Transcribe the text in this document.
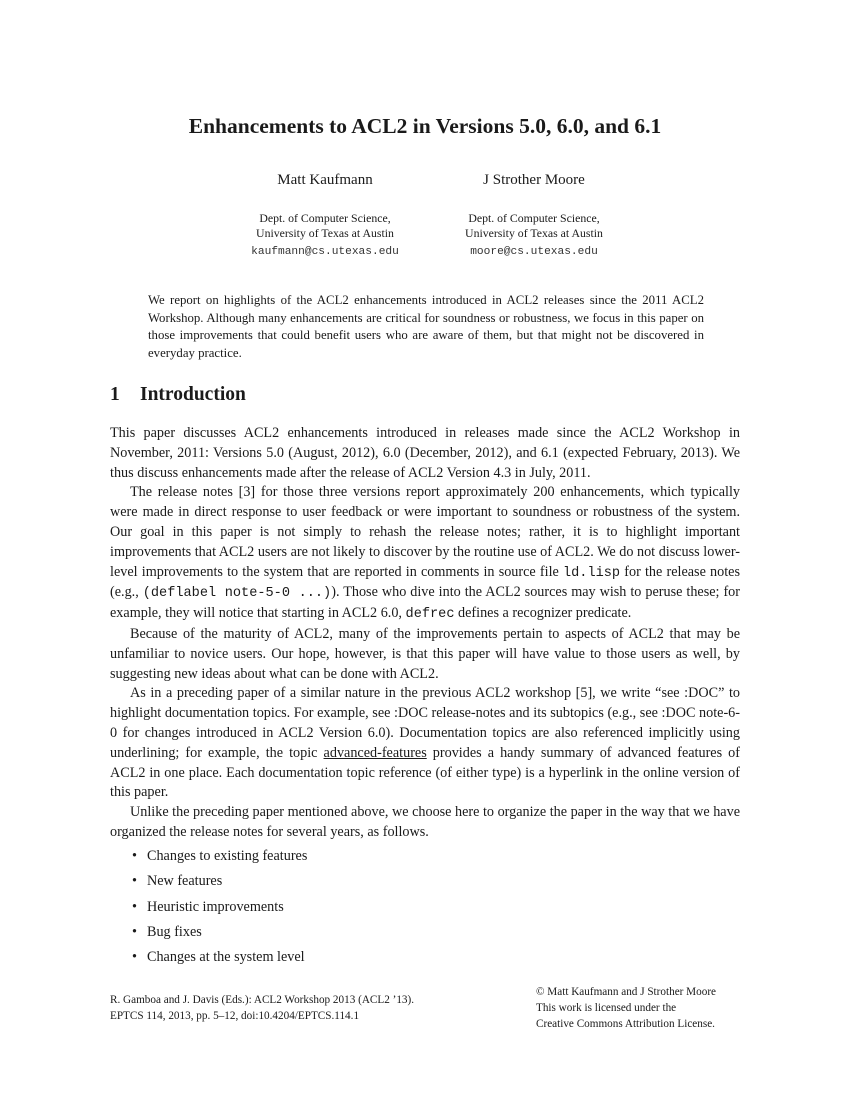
Enhancements to ACL2 in Versions 5.0, 6.0, and 6.1
Matt Kaufmann
Dept. of Computer Science,
University of Texas at Austin
kaufmann@cs.utexas.edu
J Strother Moore
Dept. of Computer Science,
University of Texas at Austin
moore@cs.utexas.edu

We report on highlights of the ACL2 enhancements introduced in ACL2 releases since the 2011 ACL2 Workshop. Although many enhancements are critical for soundness or robustness, we focus in this paper on those improvements that could benefit users who are aware of them, but that might not be discovered in everyday practice.

1 Introduction

This paper discusses ACL2 enhancements introduced in releases made since the ACL2 Workshop in November, 2011: Versions 5.0 (August, 2012), 6.0 (December, 2012), and 6.1 (expected February, 2013). We thus discuss enhancements made after the release of ACL2 Version 4.3 in July, 2011.

The release notes [3] for those three versions report approximately 200 enhancements, which typically were made in direct response to user feedback or were important to soundness or robustness of the system. Our goal in this paper is not simply to rehash the release notes; rather, it is to highlight important improvements that ACL2 users are not likely to discover by the routine use of ACL2. We do not discuss lower-level improvements to the system that are reported in comments in source file ld.lisp for the release notes (e.g., (deflabel note-5-0 ...)). Those who dive into the ACL2 sources may wish to peruse these; for example, they will notice that starting in ACL2 6.0, defrec defines a recognizer predicate.

Because of the maturity of ACL2, many of the improvements pertain to aspects of ACL2 that may be unfamiliar to novice users. Our hope, however, is that this paper will have value to those users as well, by suggesting new ideas about what can be done with ACL2.

As in a preceding paper of a similar nature in the previous ACL2 workshop [5], we write “see :DOC” to highlight documentation topics. For example, see :DOC release-notes and its subtopics (e.g., see :DOC note-6-0 for changes introduced in ACL2 Version 6.0). Documentation topics are also referenced implicitly using underlining; for example, the topic advanced-features provides a handy summary of advanced features of ACL2 in one place. Each documentation topic reference (of either type) is a hyperlink in the online version of this paper.

Unlike the preceding paper mentioned above, we choose here to organize the paper in the way that we have organized the release notes for several years, as follows.

• Changes to existing features
• New features
• Heuristic improvements
• Bug fixes
• Changes at the system level
R. Gamboa and J. Davis (Eds.): ACL2 Workshop 2013 (ACL2 ’13).
EPTCS 114, 2013, pp. 5–12, doi:10.4204/EPTCS.114.1
© Matt Kaufmann and J Strother Moore
This work is licensed under the
Creative Commons Attribution License.
